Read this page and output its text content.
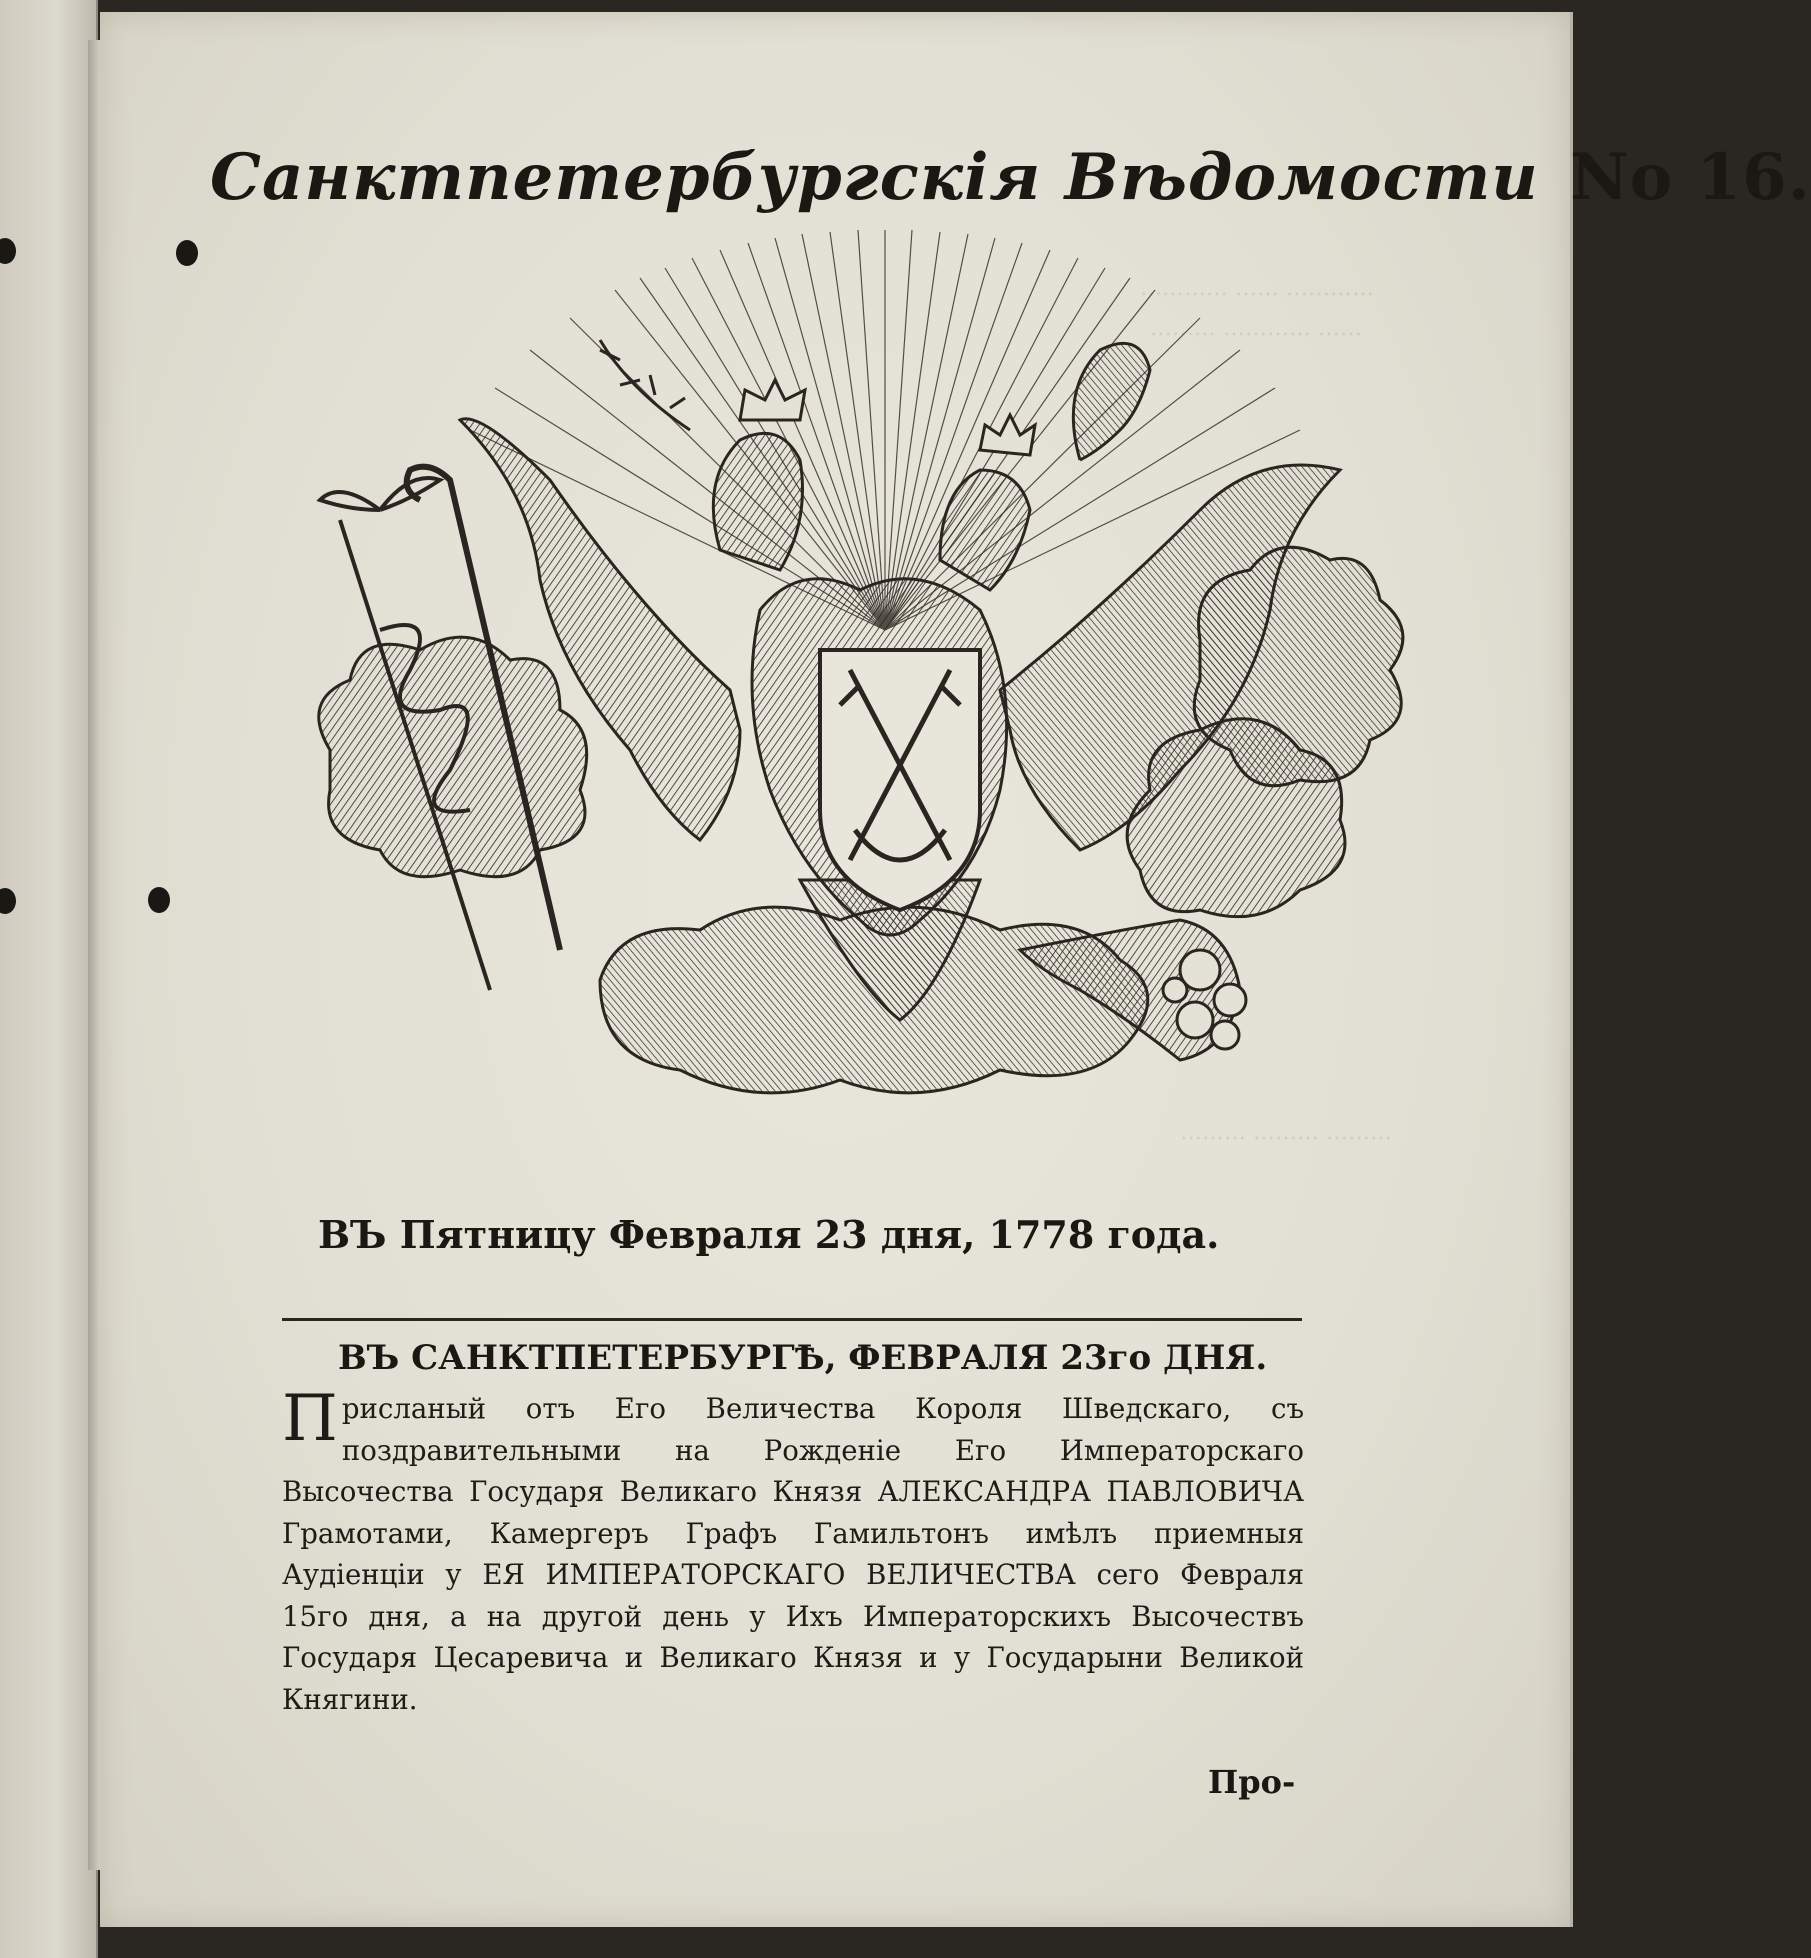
………… …… …………
……… ………… ……
……… ……… ………
Санктпетербургскія Вѣдомости No 16.
ВЪ Пятницу Февраля 23 дня, 1778 года.
ВЪ САНКТПЕТЕРБУРГѢ, ФЕВРАЛЯ 23го ДНЯ.
Присланый отъ Его Величества Короля Шведскаго, съ поздравительными на Рожденіе Его Императорскаго Высочества Государя Великаго Князя АЛЕКСАНДРА ПАВЛОВИЧА Грамотами, Камергеръ Графъ Гамильтонъ имѣлъ приемныя Аудіенціи у ЕЯ ИМПЕРАТОРСКАГО ВЕЛИЧЕСТВА сего Февраля 15го дня, а на другой день у Ихъ Императорскихъ Высочествъ Государя Цесаревича и Великаго Князя и у Государыни Великой Княгини.
Про-
